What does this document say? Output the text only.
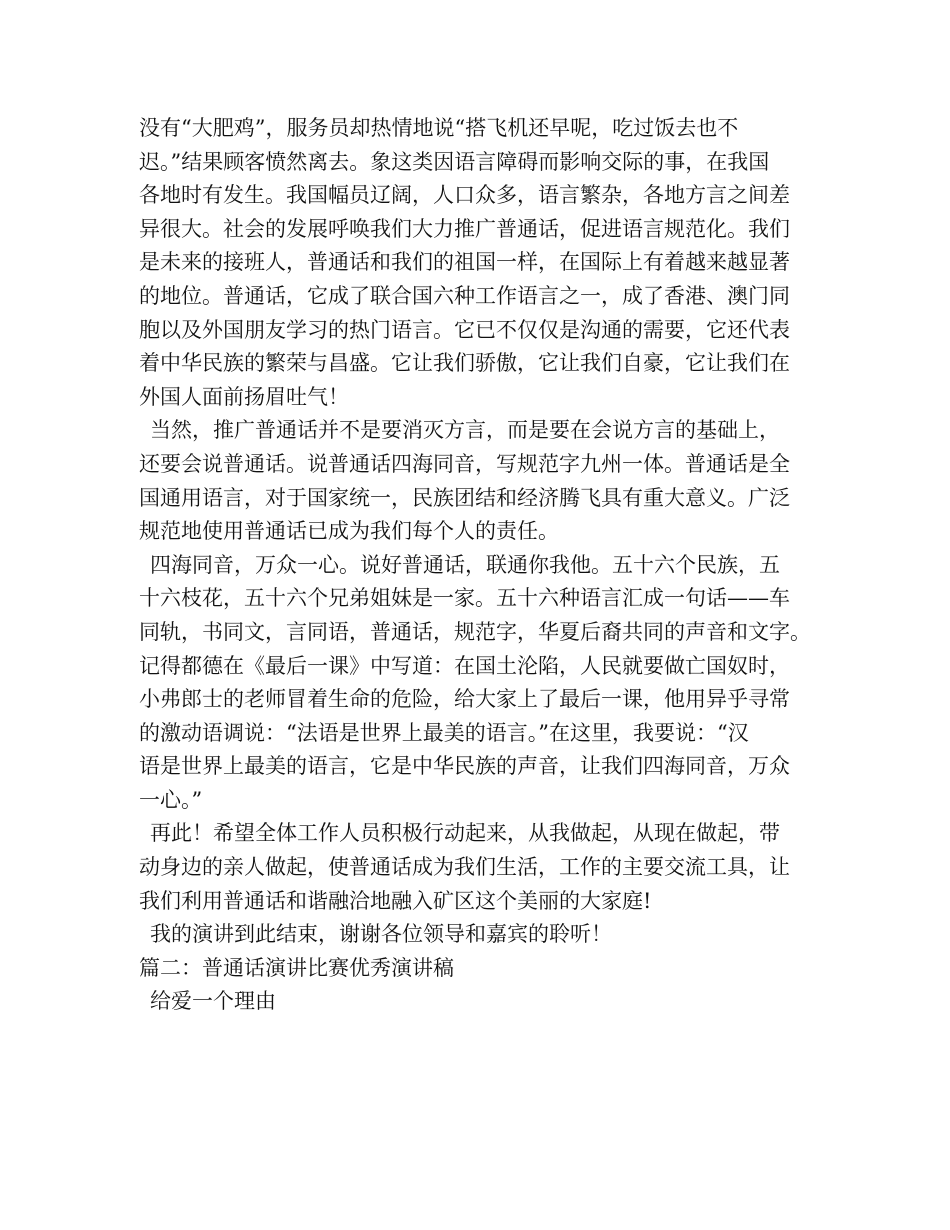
没有“大肥鸡”，服务员却热情地说“搭飞机还早呢，吃过饭去也不
迟。”结果顾客愤然离去。象这类因语言障碍而影响交际的事，在我国
各地时有发生。我国幅员辽阔，人口众多，语言繁杂，各地方言之间差
异很大。社会的发展呼唤我们大力推广普通话，促进语言规范化。我们
是未来的接班人，普通话和我们的祖国一样，在国际上有着越来越显著
的地位。普通话，它成了联合国六种工作语言之一，成了香港、澳门同
胞以及外国朋友学习的热门语言。它已不仅仅是沟通的需要，它还代表
着中华民族的繁荣与昌盛。它让我们骄傲，它让我们自豪，它让我们在
外国人面前扬眉吐气！
当然，推广普通话并不是要消灭方言，而是要在会说方言的基础上，
还要会说普通话。说普通话四海同音，写规范字九州一体。普通话是全
国通用语言，对于国家统一，民族团结和经济腾飞具有重大意义。广泛
规范地使用普通话已成为我们每个人的责任。
四海同音，万众一心。说好普通话，联通你我他。五十六个民族，五
十六枝花，五十六个兄弟姐妹是一家。五十六种语言汇成一句话——车
同轨，书同文，言同语，普通话，规范字，华夏后裔共同的声音和文字。
记得都德在《最后一课》中写道：在国土沦陷，人民就要做亡国奴时，
小弗郎士的老师冒着生命的危险，给大家上了最后一课，他用异乎寻常
的激动语调说：“法语是世界上最美的语言。”在这里，我要说：“汉
语是世界上最美的语言，它是中华民族的声音，让我们四海同音，万众
一心。”
再此！希望全体工作人员积极行动起来，从我做起，从现在做起，带
动身边的亲人做起，使普通话成为我们生活，工作的主要交流工具，让
我们利用普通话和谐融洽地融入矿区这个美丽的大家庭!
我的演讲到此结束，谢谢各位领导和嘉宾的聆听！
篇二：普通话演讲比赛优秀演讲稿
给爱一个理由
